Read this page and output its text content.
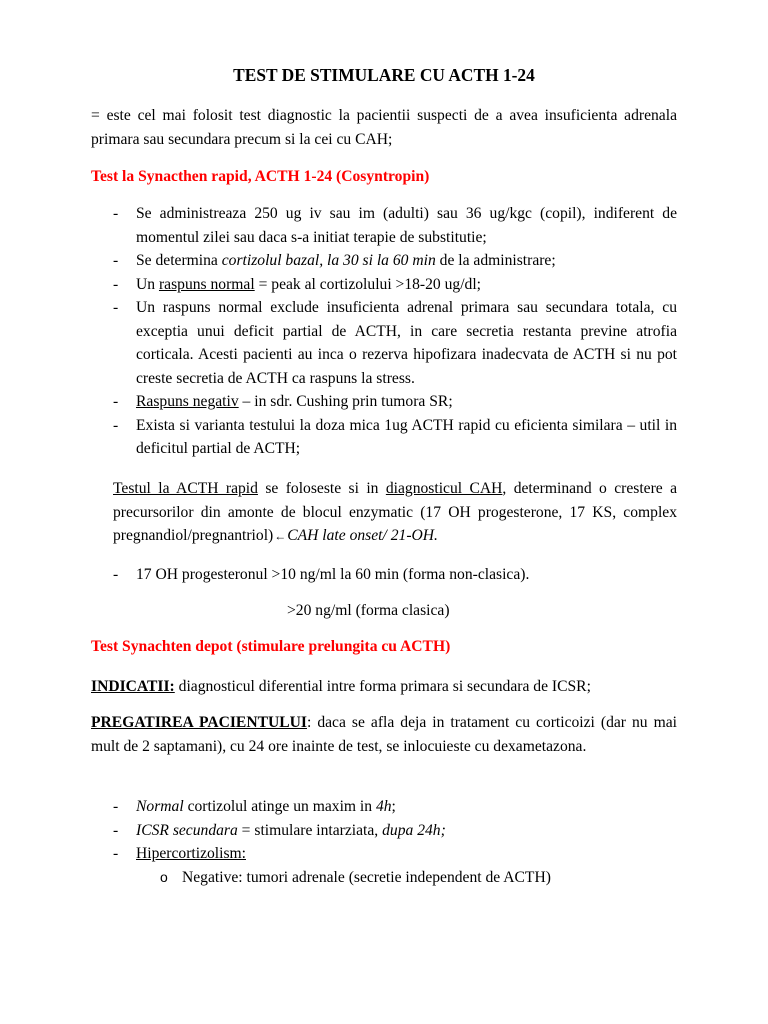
TEST DE STIMULARE CU ACTH 1-24
= este cel mai folosit test diagnostic la pacientii suspecti de a avea insuficienta adrenala primara sau secundara precum si la cei cu CAH;
Test la Synacthen rapid, ACTH 1-24 (Cosyntropin)
- Se administreaza 250 ug iv sau im (adulti) sau 36 ug/kgc (copil), indiferent de momentul zilei sau daca s-a initiat terapie de substitutie;
- Se determina cortizolul bazal, la 30 si la 60 min de la administrare;
- Un raspuns normal = peak al cortizolului >18-20 ug/dl;
- Un raspuns normal exclude insuficienta adrenal primara sau secundara totala, cu exceptia unui deficit partial de ACTH, in care secretia restanta previne atrofia corticala. Acesti pacienti au inca o rezerva hipofizara inadecvata de ACTH si nu pot creste secretia de ACTH ca raspuns la stress.
- Raspuns negativ – in sdr. Cushing prin tumora SR;
- Exista si varianta testului la doza mica 1ug ACTH rapid cu eficienta similara – util in deficitul partial de ACTH;
Testul la ACTH rapid se foloseste si in diagnosticul CAH, determinand o crestere a precursorilor din amonte de blocul enzymatic (17 OH progesterone, 17 KS, complex pregnandiol/pregnantriol)←CAH late onset/ 21-OH.
- 17 OH progesteronul >10 ng/ml la 60 min (forma non-clasica).
>20 ng/ml (forma clasica)
Test Synachten depot (stimulare prelungita cu ACTH)
INDICATII: diagnosticul diferential intre forma primara si secundara de ICSR;
PREGATIREA PACIENTULUI: daca se afla deja in tratament cu corticoizi (dar nu mai mult de 2 saptamani), cu 24 ore inainte de test, se inlocuieste cu dexametazona.
- Normal cortizolul atinge un maxim in 4h;
- ICSR secundara = stimulare intarziata, dupa 24h;
- Hipercortizolism:
o Negative: tumori adrenale (secretie independent de ACTH)
